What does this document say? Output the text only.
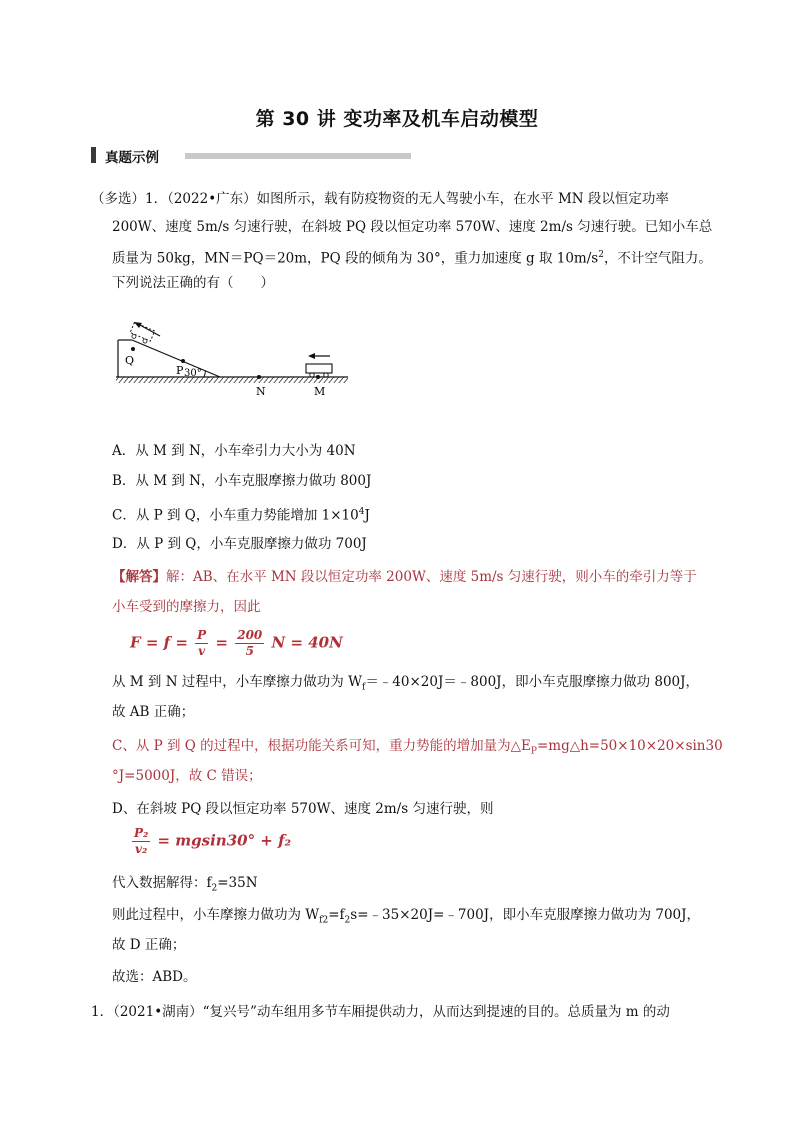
第 30 讲 变功率及机车启动模型
真题示例
（多选）1．（2022•广东）如图所示，载有防疫物资的无人驾驶小车，在水平 MN 段以恒定功率
200W、速度 5m/s 匀速行驶，在斜坡 PQ 段以恒定功率 570W、速度 2m/s 匀速行驶。已知小车总
质量为 50kg，MN＝PQ＝20m，PQ 段的倾角为 30°，重力加速度 g 取 $10m/s^2$，不计空气阻力。
下列说法正确的有（　　）
Q
P 30°
N	M
A．从 M 到 N，小车牵引力大小为 40N
B．从 M 到 N，小车克服摩擦力做功 800J
C．从 P 到 Q，小车重力势能增加 $1\times 10^4J$
D．从 P 到 Q，小车克服摩擦力做功 700J
【解答】解：AB、在水平 MN 段以恒定功率 200W、速度 5m/s 匀速行驶，则小车的牵引力等于
小车受到的摩擦力，因此
$F = f = \frac{P}{v} = \frac{200}{5}$ N = 40N
从 M 到 N 过程中，小车摩擦力做功为 $W_f=﹣40\times 20J=﹣800J$，即小车克服摩擦力做功 800J，
故 AB 正确；
C、从 P 到 Q 的过程中，根据功能关系可知，重力势能的增加量为$\triangle E_P=mg\triangle h=50\times 10\times 20\times\sin 30$
°J=5000J，故 C 错误；
D、在斜坡 PQ 段以恒定功率 570W、速度 2m/s 匀速行驶，则
$\frac{\text{P₂}}{\text{v₂}} = mgsin30^\circ + f_2$
代入数据解得：$f_2=35N$
则此过程中，小车摩擦力做功为 $W_{f2}=f_2s=﹣35\times 20J=﹣700J$，即小车克服摩擦力做功为 700J，
故 D 正确；
故选：ABD。
1．（2021•湖南）“复兴号”动车组用多节车厢提供动力，从而达到提速的目的。总质量为 m 的动
